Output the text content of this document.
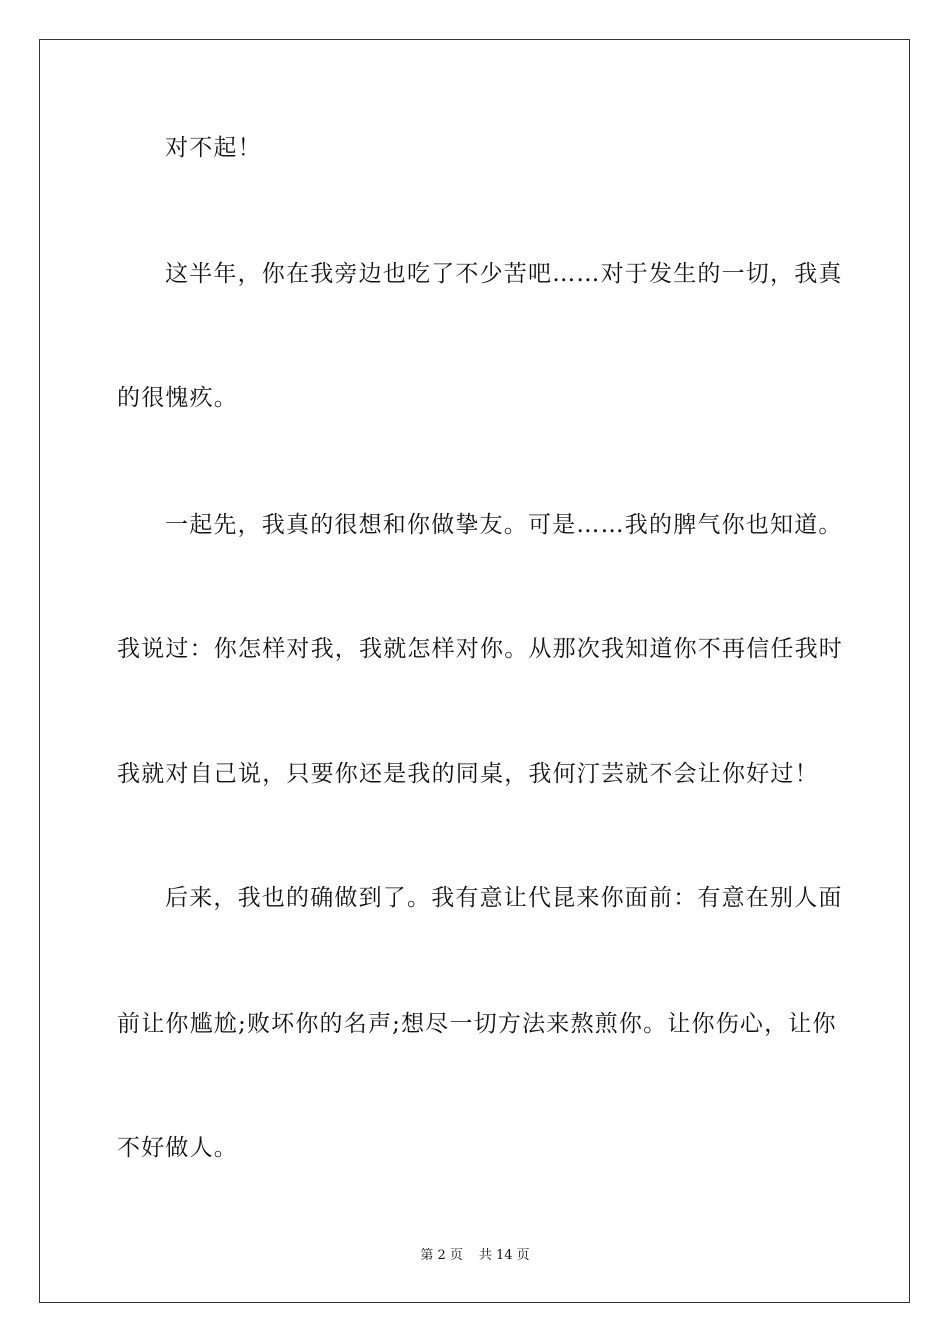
对不起！
这半年，你在我旁边也吃了不少苦吧……对于发生的一切，我真
的很愧疚。
一起先，我真的很想和你做挚友。可是……我的脾气你也知道。
我说过：你怎样对我，我就怎样对你。从那次我知道你不再信任我时
我就对自己说，只要你还是我的同桌，我何汀芸就不会让你好过！
后来，我也的确做到了。我有意让代昆来你面前：有意在别人面
前让你尴尬;败坏你的名声;想尽一切方法来熬煎你。让你伤心，让你
不好做人。
第 2 页 共 14 页
